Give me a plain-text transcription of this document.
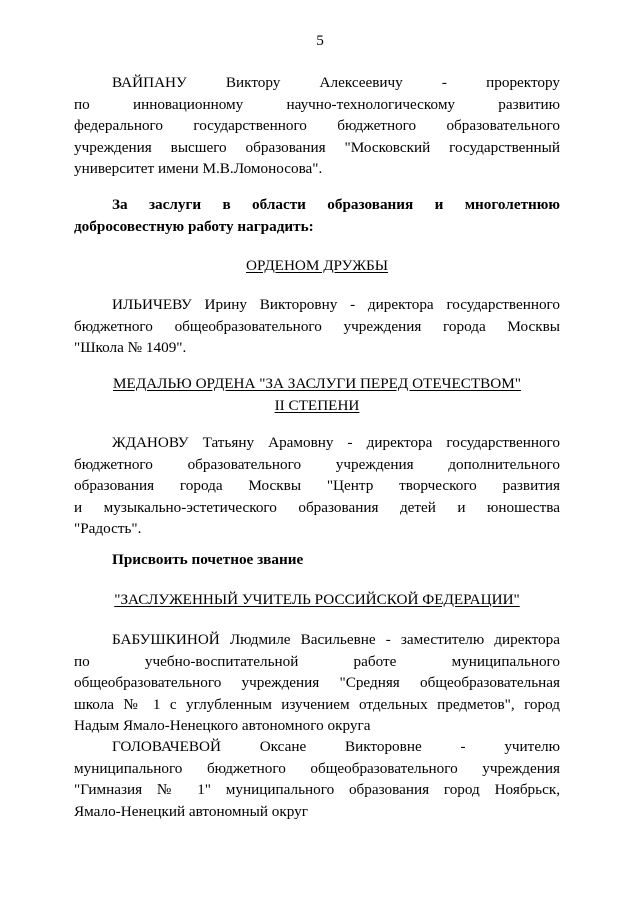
5
ВАЙПАНУ Виктору Алексеевичу - проректору
по инновационному научно-технологическому развитию
федерального государственного бюджетного образовательного
учреждения высшего образования "Московский государственный
университет имени М.В.Ломоносова".
За заслуги в области образования и многолетнюю
добросовестную работу наградить:
ОРДЕНОМ ДРУЖБЫ
ИЛЬИЧЕВУ Ирину Викторовну - директора государственного
бюджетного общеобразовательного учреждения города Москвы
"Школа № 1409".
МЕДАЛЬЮ ОРДЕНА "ЗА ЗАСЛУГИ ПЕРЕД ОТЕЧЕСТВОМ"
II СТЕПЕНИ
ЖДАНОВУ Татьяну Арамовну - директора государственного
бюджетного образовательного учреждения дополнительного
образования города Москвы "Центр творческого развития
и музыкально-эстетического образования детей и юношества
"Радость".
Присвоить почетное звание
"ЗАСЛУЖЕННЫЙ УЧИТЕЛЬ РОССИЙСКОЙ ФЕДЕРАЦИИ"
БАБУШКИНОЙ Людмиле Васильевне - заместителю директора
по учебно-воспитательной работе муниципального
общеобразовательного учреждения "Средняя общеобразовательная
школа № 1 с углубленным изучением отдельных предметов", город
Надым Ямало-Ненецкого автономного округа
ГОЛОВАЧЕВОЙ Оксане Викторовне - учителю
муниципального бюджетного общеобразовательного учреждения
"Гимназия № 1" муниципального образования город Ноябрьск,
Ямало-Ненецкий автономный округ
